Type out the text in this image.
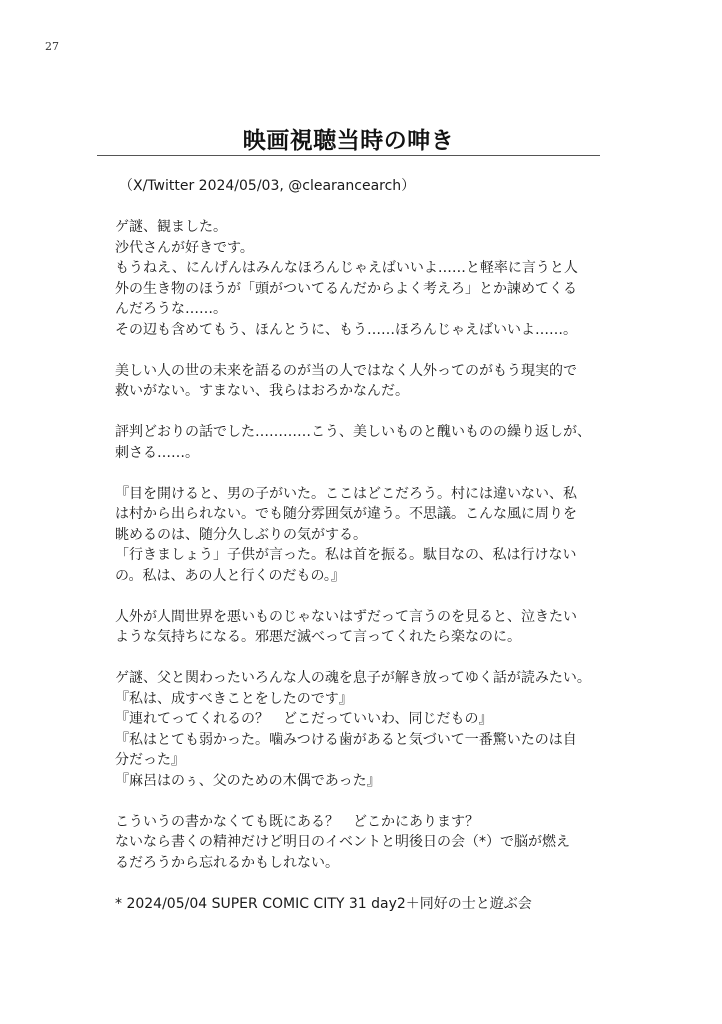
27
映画視聴当時の呻き

（X/Twitter 2024/05/03, @clearancearch）

ゲ謎、観ました。

沙代さんが好きです。

もうねえ、にんげんはみんなほろんじゃえばいいよ……と軽率に言うと人

外の生き物のほうが「頭がついてるんだからよく考えろ」とか諫めてくる

んだろうな……。

その辺も含めてもう、ほんとうに、もう……ほろんじゃえばいいよ……。

美しい人の世の未来を語るのが当の人ではなく人外ってのがもう現実的で

救いがない。すまない、我らはおろかなんだ。

評判どおりの話でした…………こう、美しいものと醜いものの繰り返しが、

刺さる……。

『目を開けると、男の子がいた。ここはどこだろう。村には違いない、私

は村から出られない。でも随分雰囲気が違う。不思議。こんな風に周りを

眺めるのは、随分久しぶりの気がする。

「行きましょう」子供が言った。私は首を振る。駄目なの、私は行けない

の。私は、あの人と行くのだもの。』

人外が人間世界を悪いものじゃないはずだって言うのを見ると、泣きたい

ような気持ちになる。邪悪だ滅べって言ってくれたら楽なのに。

ゲ謎、父と関わったいろんな人の魂を息子が解き放ってゆく話が読みたい。

『私は、成すべきことをしたのです』

『連れてってくれるの？　どこだっていいわ、同じだもの』

『私はとても弱かった。噛みつける歯があると気づいて一番驚いたのは自

分だった』

『麻呂はのぅ、父のための木偶であった』

こういうの書かなくても既にある？　どこかにあります？

ないなら書くの精神だけど明日のイベントと明後日の会（*）で脳が燃え

るだろうから忘れるかもしれない。

* 2024/05/04 SUPER COMIC CITY 31 day2＋同好の士と遊ぶ会
